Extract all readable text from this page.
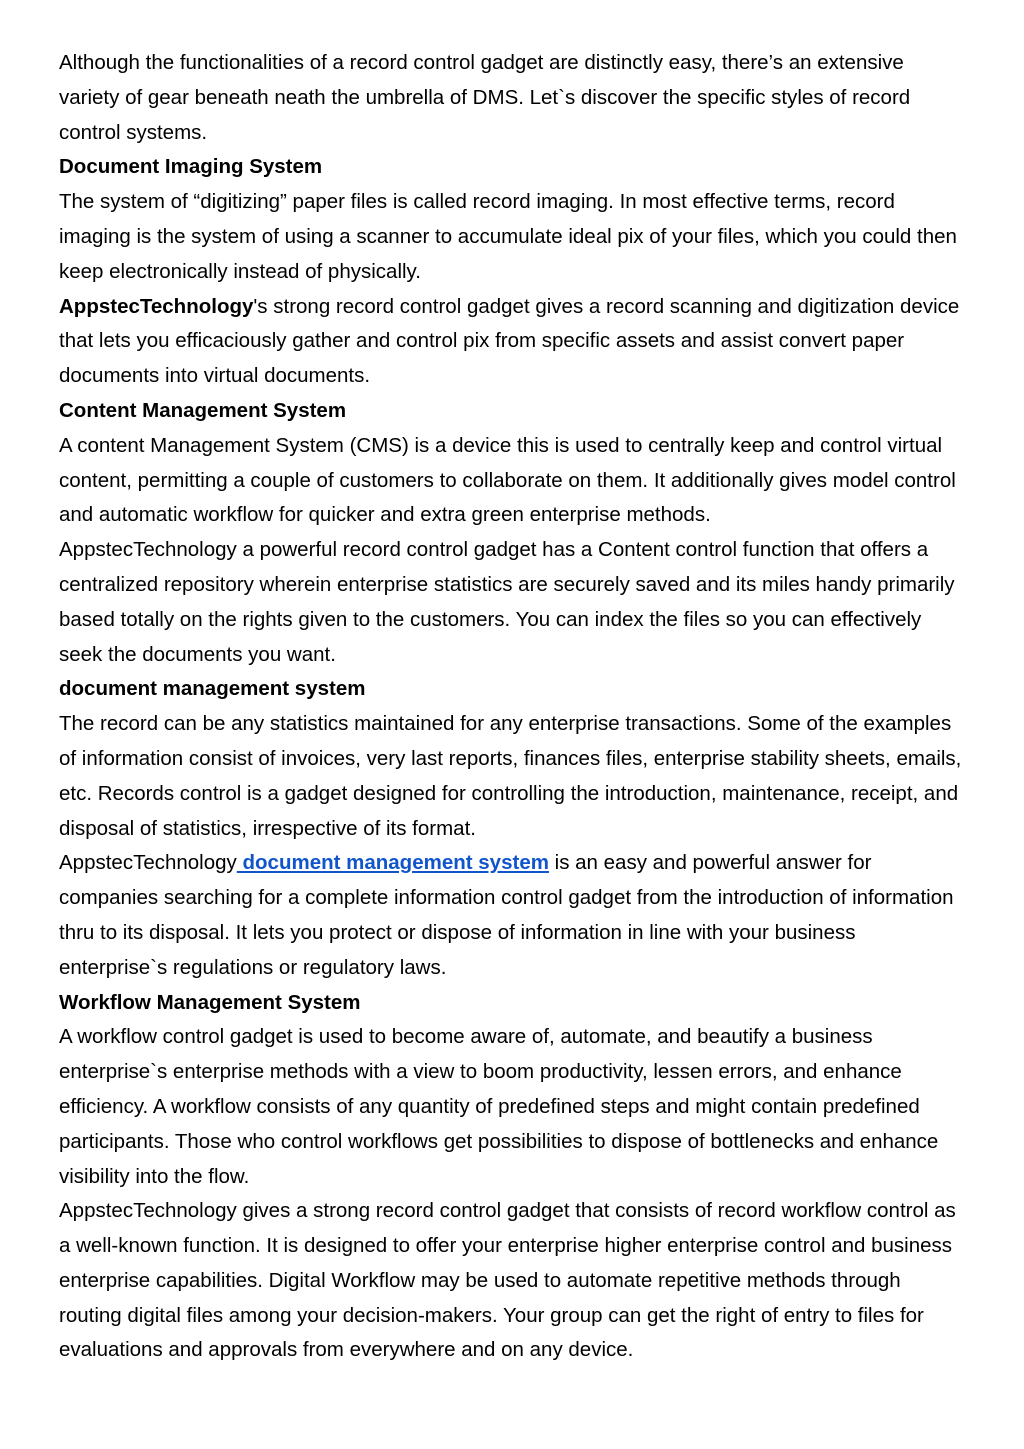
Although the functionalities of a record control gadget are distinctly easy, there’s an extensive variety of gear beneath neath the umbrella of DMS. Let`s discover the specific styles of record control systems.

Document Imaging System

The system of “digitizing” paper files is called record imaging. In most effective terms, record imaging is the system of using a scanner to accumulate ideal pix of your files, which you could then keep electronically instead of physically.

AppstecTechnology's strong record control gadget gives a record scanning and digitization device that lets you efficaciously gather and control pix from specific assets and assist convert paper documents into virtual documents.

Content Management System

A content Management System (CMS) is a device this is used to centrally keep and control virtual content, permitting a couple of customers to collaborate on them. It additionally gives model control and automatic workflow for quicker and extra green enterprise methods.

AppstecTechnology a powerful record control gadget has a Content control function that offers a centralized repository wherein enterprise statistics are securely saved and its miles handy primarily based totally on the rights given to the customers. You can index the files so you can effectively seek the documents you want.

document management system

The record can be any statistics maintained for any enterprise transactions. Some of the examples of information consist of invoices, very last reports, finances files, enterprise stability sheets, emails, etc. Records control is a gadget designed for controlling the introduction, maintenance, receipt, and disposal of statistics, irrespective of its format.

AppstecTechnology document management system is an easy and powerful answer for companies searching for a complete information control gadget from the introduction of information thru to its disposal. It lets you protect or dispose of information in line with your business enterprise`s regulations or regulatory laws.

Workflow Management System

A workflow control gadget is used to become aware of, automate, and beautify a business enterprise`s enterprise methods with a view to boom productivity, lessen errors, and enhance efficiency. A workflow consists of any quantity of predefined steps and might contain predefined participants. Those who control workflows get possibilities to dispose of bottlenecks and enhance visibility into the flow.

AppstecTechnology gives a strong record control gadget that consists of record workflow control as a well-known function. It is designed to offer your enterprise higher enterprise control and business enterprise capabilities. Digital Workflow may be used to automate repetitive methods through routing digital files among your decision-makers. Your group can get the right of entry to files for evaluations and approvals from everywhere and on any device.
